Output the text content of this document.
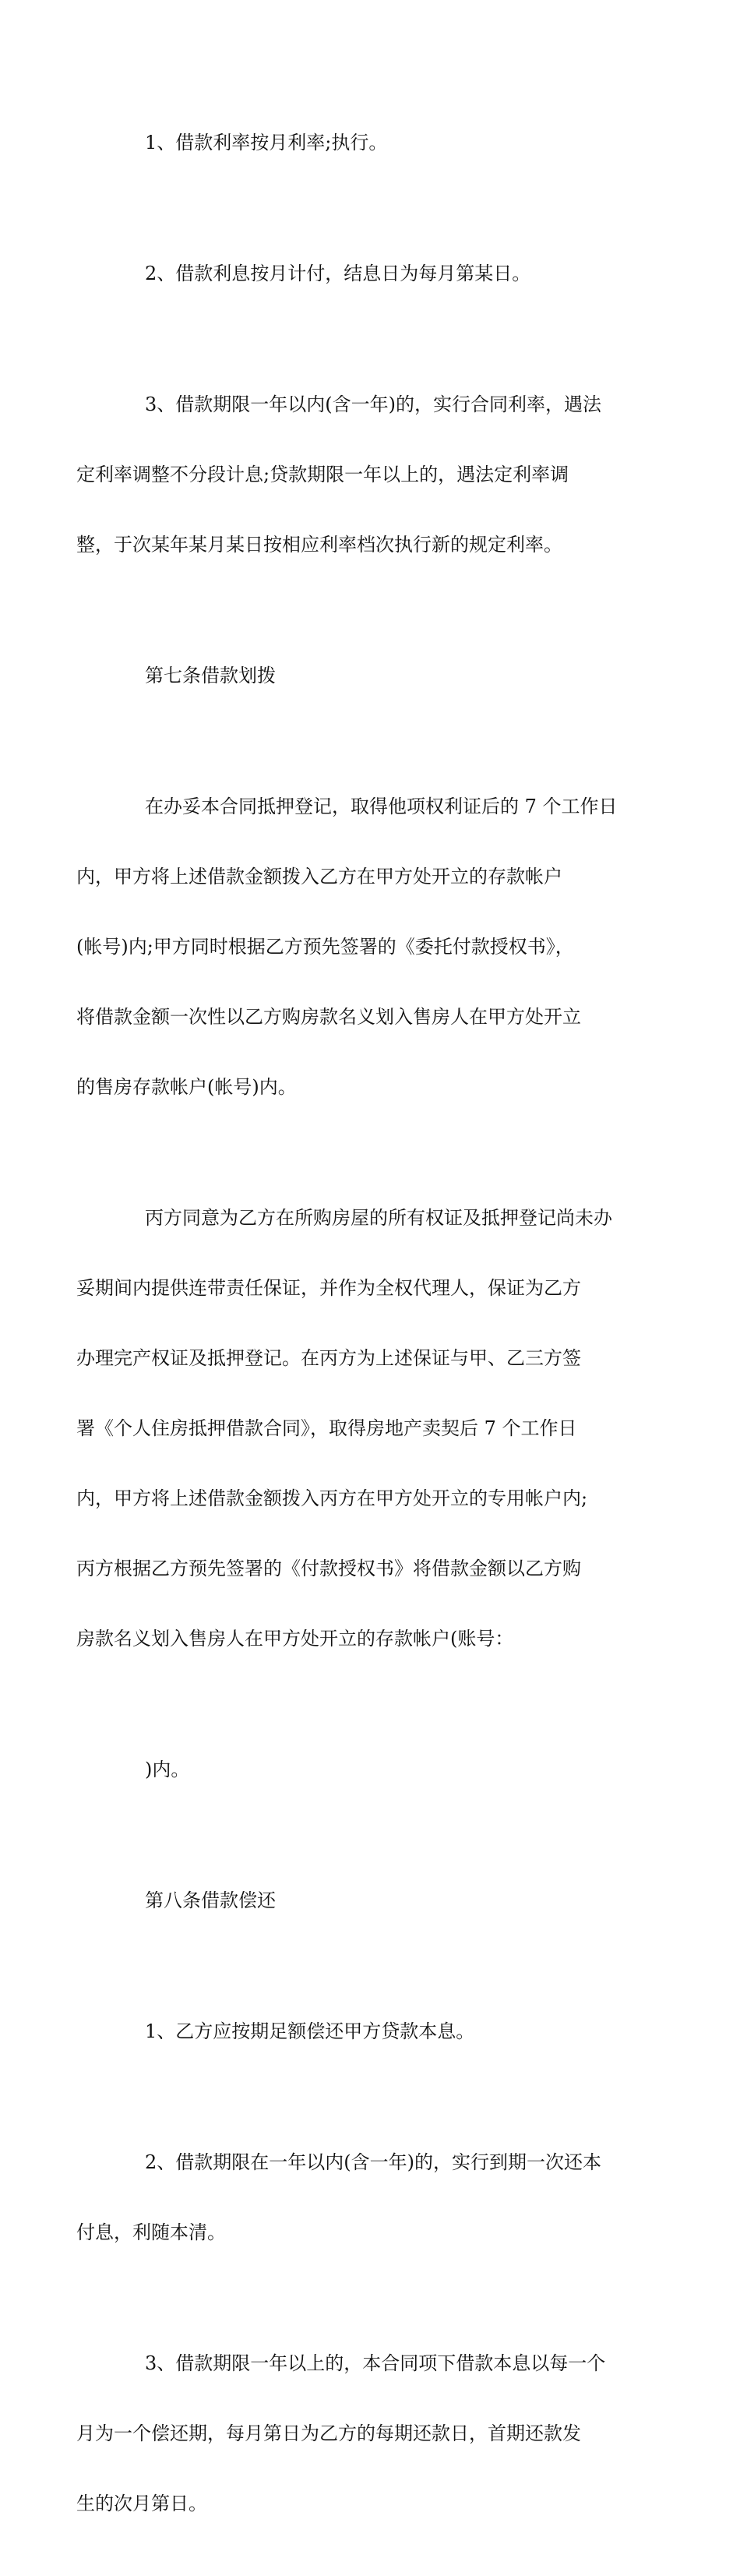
1、借款利率按月利率;执行。

2、借款利息按月计付，结息日为每月第某日。

3、借款期限一年以内(含一年)的，实行合同利率，遇法

定利率调整不分段计息;贷款期限一年以上的，遇法定利率调

整，于次某年某月某日按相应利率档次执行新的规定利率。

第七条借款划拨

在办妥本合同抵押登记，取得他项权利证后的 7 个工作日

内，甲方将上述借款金额拨入乙方在甲方处开立的存款帐户

(帐号)内;甲方同时根据乙方预先签署的《委托付款授权书》，

将借款金额一次性以乙方购房款名义划入售房人在甲方处开立

的售房存款帐户(帐号)内。

丙方同意为乙方在所购房屋的所有权证及抵押登记尚未办

妥期间内提供连带责任保证，并作为全权代理人，保证为乙方

办理完产权证及抵押登记。在丙方为上述保证与甲、乙三方签

署《个人住房抵押借款合同》，取得房地产卖契后 7 个工作日

内，甲方将上述借款金额拨入丙方在甲方处开立的专用帐户内;

丙方根据乙方预先签署的《付款授权书》将借款金额以乙方购

房款名义划入售房人在甲方处开立的存款帐户(账号：

)内。

第八条借款偿还

1、乙方应按期足额偿还甲方贷款本息。

2、借款期限在一年以内(含一年)的，实行到期一次还本

付息，利随本清。

3、借款期限一年以上的，本合同项下借款本息以每一个

月为一个偿还期，每月第日为乙方的每期还款日，首期还款发

生的次月第日。
